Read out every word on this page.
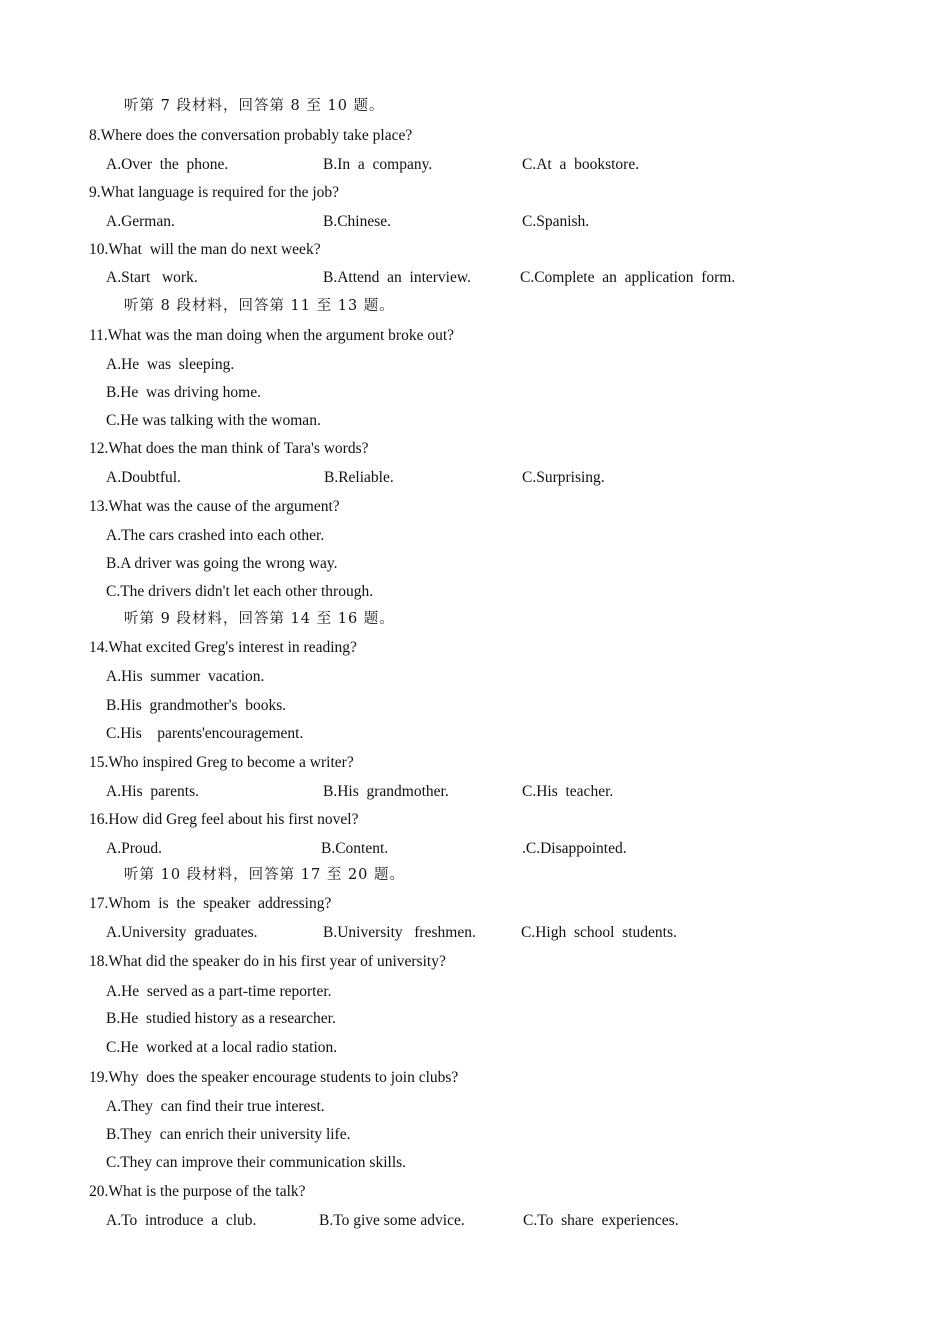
听第 7 段材料，回答第 8 至 10 题。
8.Where does the conversation probably take place?
A.Over  the  phone.	B.In  a  company.	C.At  a  bookstore.
9.What language is required for the job?
A.German.	B.Chinese.	C.Spanish.
10.What  will the man do next week?
A.Start   work.	B.Attend  an  interview.	C.Complete  an  application  form.
听第 8 段材料，回答第 11 至 13 题。
11.What was the man doing when the argument broke out?
A.He  was  sleeping.
B.He  was driving home.
C.He was talking with the woman.
12.What does the man think of Tara's words?
A.Doubtful.	B.Reliable.	C.Surprising.
13.What was the cause of the argument?
A.The cars crashed into each other.
B.A driver was going the wrong way.
C.The drivers didn't let each other through.
听第 9 段材料，回答第 14 至 16 题。
14.What excited Greg's interest in reading?
A.His  summer  vacation.
B.His  grandmother's  books.
C.His    parents'encouragement.
15.Who inspired Greg to become a writer?
A.His  parents.	B.His  grandmother.	C.His  teacher.
16.How did Greg feel about his first novel?
A.Proud.	B.Content.	.C.Disappointed.
听第 10 段材料，回答第 17 至 20 题。
17.Whom  is  the  speaker  addressing?
A.University  graduates.	B.University   freshmen.	C.High  school  students.
18.What did the speaker do in his first year of university?
A.He  served as a part-time reporter.
B.He  studied history as a researcher.
C.He  worked at a local radio station.
19.Why  does the speaker encourage students to join clubs?
A.They  can find their true interest.
B.They  can enrich their university life.
C.They can improve their communication skills.
20.What is the purpose of the talk?
A.To  introduce  a  club.	B.To give some advice.	C.To  share  experiences.
